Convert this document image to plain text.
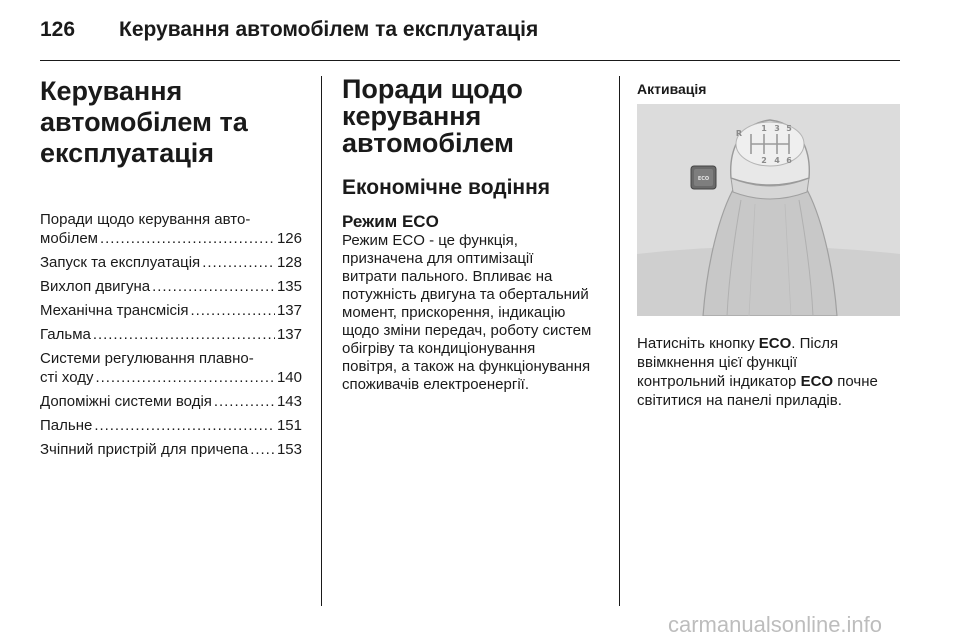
126 Керування автомобілем та експлуатація
Керування
автомобілем та
експлуатація
Поради щодо керування авто-
мобілем . . .	126
Запуск та експлуатація . . .	128
Вихлоп двигуна . . .	135
Механічна трансмісія . . .	137
Гальма . . .	137
Системи регулювання плавно-
сті ходу . . .	140
Допоміжні системи водія . . .	143
Пальне . . .	151
Зчіпний пристрій для причепа . . . 153
Поради щодо
керування
автомобілем
Економічне водіння
Режим ECO

Режим ECO - це функція,
призначена для оптимізації
витрати пального. Впливає на
потужність двигуна та обертальний
момент, прискорення, індикацію
щодо зміни передач, роботу систем
обігріву та кондиціонування
повітря, а також на функціонування
споживачів електроенергії.

Активація
R
1 3 5
2 4 6
ECO

Натисніть кнопку ECO. Після
ввімкнення цієї функції
контрольний індикатор ECO почне
світитися на панелі приладів.

carmanualsonline.info
